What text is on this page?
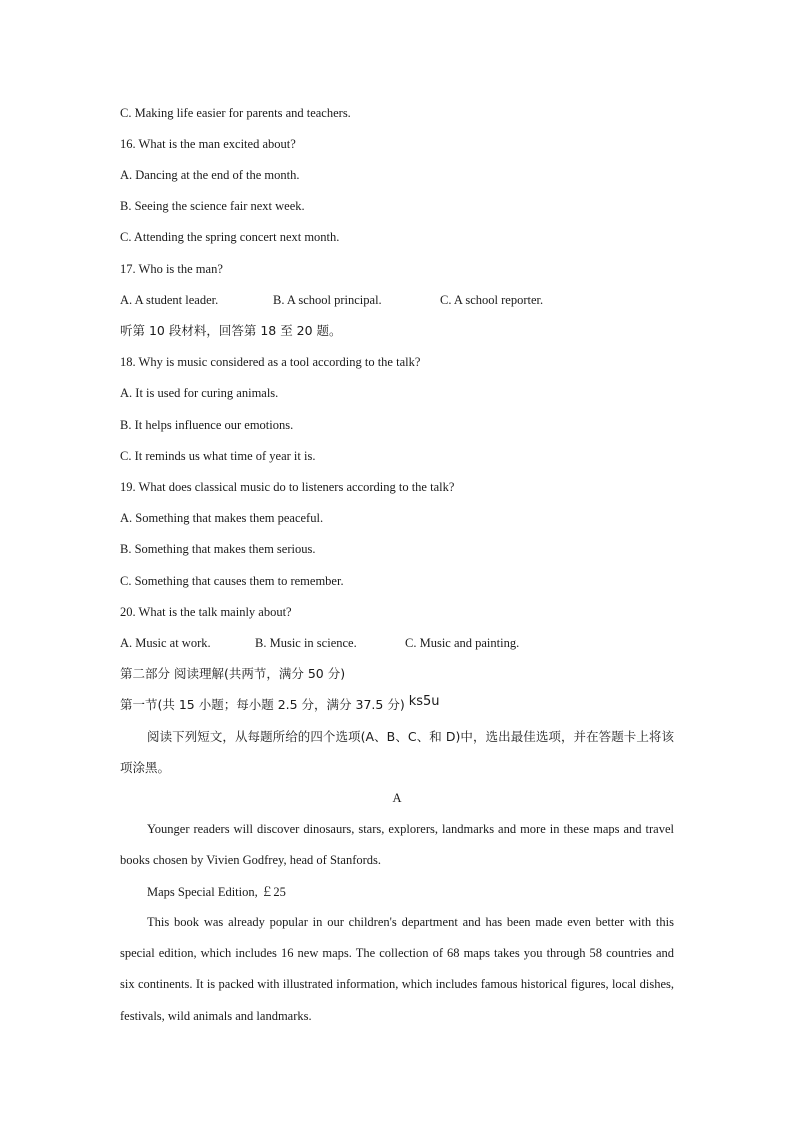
C. Making life easier for parents and teachers.
16. What is the man excited about?
A. Dancing at the end of the month.
B. Seeing the science fair next week.
C. Attending the spring concert next month.
17. Who is the man?
A. A student leader.	B. A school principal.	C. A school reporter.
听第 10 段材料，回答第 18 至 20 题。
18. Why is music considered as a tool according to the talk?
A. It is used for curing animals.
B. It helps influence our emotions.
C. It reminds us what time of year it is.
19. What does classical music do to listeners according to the talk?
A. Something that makes them peaceful.
B. Something that makes them serious.
C. Something that causes them to remember.
20. What is the talk mainly about?
A. Music at work.	B. Music in science.	C. Music and painting.
第二部分 阅读理解(共两节，满分 50 分)
第一节(共 15 小题；每小题 2.5 分，满分 37.5 分) ks5u
阅读下列短文，从每题所给的四个选项(A、B、C、和 D)中，选出最佳选项，并在答题卡上将该项涂黑。
A
Younger readers will discover dinosaurs, stars, explorers, landmarks and more in these maps and travel books chosen by Vivien Godfrey, head of Stanfords.
Maps Special Edition, ￡25
This book was already popular in our children's department and has been made even better with this special edition, which includes 16 new maps. The collection of 68 maps takes you through 58 countries and six continents. It is packed with illustrated information, which includes famous historical figures, local dishes, festivals, wild animals and landmarks.
